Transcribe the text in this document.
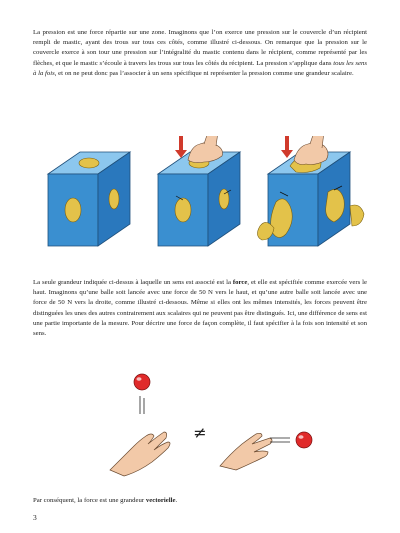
La pression est une force répartie sur une zone. Imaginons que l’on exerce une pression sur le couvercle d’un récipient rempli de mastic, ayant des trous sur tous ces côtés, comme illustré ci-dessous. On remarque que la pression sur le couvercle exerce à son tour une pression sur l’intégralité du mastic contenu dans le récipient, comme représenté par les flèches, et que le mastic s’écoule à travers les trous sur tous les côtés du récipient. La pression s’applique dans tous les sens à la fois, et on ne peut donc pas l’associer à un sens spécifique ni représenter la pression comme une grandeur scalaire.

La seule grandeur indiquée ci-dessus à laquelle un sens est associé est la force, et elle est spécifiée comme exercée vers le haut. Imaginons qu’une balle soit lancée avec une force de 50 N vers le haut, et qu’une autre balle soit lancée avec une force de 50 N vers la droite, comme illustré ci-dessous. Même si elles ont les mêmes intensités, les forces peuvent être distinguées les unes des autres contrairement aux scalaires qui ne peuvent pas être distingués. Ici, une différence de sens est une partie importante de la mesure. Pour décrire une force de façon complète, il faut spécifier à la fois son intensité et son sens.

≠

Par conséquent, la force est une grandeur vectorielle.

3
